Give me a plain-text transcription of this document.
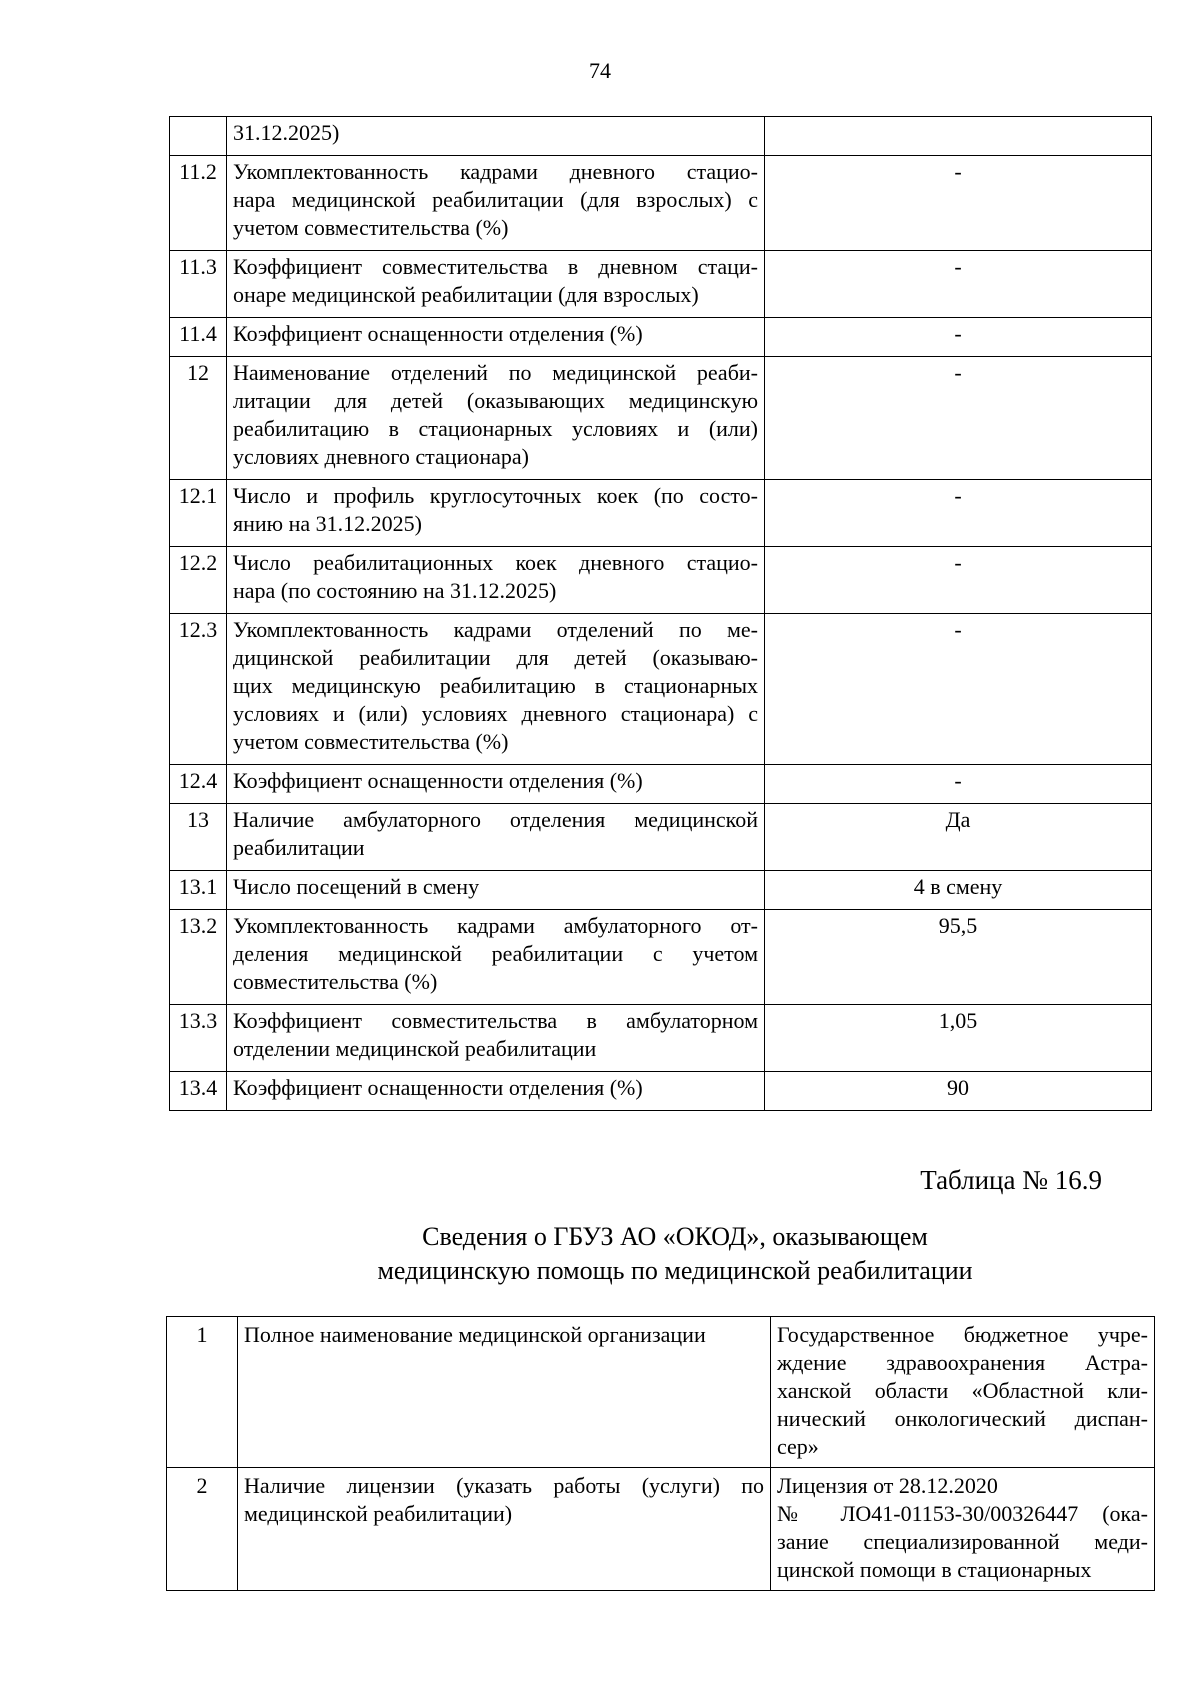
74

	31.12.2025)	

11.2	Укомплектованность кадрами дневного стацио-
нара медицинской реабилитации (для взрослых) с
учетом совместительства (%)	-
11.3	Коэффициент совместительства в дневном стаци-
онаре медицинской реабилитации (для взрослых)	-
11.4	Коэффициент оснащенности отделения (%)	-
12	Наименование отделений по медицинской реаби-
литации для детей (оказывающих медицинскую
реабилитацию в стационарных условиях и (или)
условиях дневного стационара)	-
12.1	Число и профиль круглосуточных коек (по состо-
янию на 31.12.2025)	-
12.2	Число реабилитационных коек дневного стацио-
нара (по состоянию на 31.12.2025)	-
12.3	Укомплектованность кадрами отделений по ме-
дицинской реабилитации для детей (оказываю-
щих медицинскую реабилитацию в стационарных
условиях и (или) условиях дневного стационара) с
учетом совместительства (%)	-
12.4	Коэффициент оснащенности отделения (%)	-
13	Наличие амбулаторного отделения медицинской
реабилитации	Да
13.1	Число посещений в смену	4 в смену
13.2	Укомплектованность кадрами амбулаторного от-
деления медицинской реабилитации с учетом
совместительства (%)	95,5
13.3	Коэффициент совместительства в амбулаторном
отделении медицинской реабилитации	1,05
13.4	Коэффициент оснащенности отделения (%)	90
Таблица № 16.9
Сведения о ГБУЗ АО «ОКОД», оказывающем
медицинскую помощь по медицинской реабилитации
1	Полное наименование медицинской организации	Государственное бюджетное учре-
ждение здравоохранения Астра-
ханской области «Областной кли-
нический онкологический диспан-
сер»

2	Наличие лицензии (указать работы (услуги) по
медицинской реабилитации)	Лицензия от 28.12.2020
№ ЛО41-01153-30/00326447 (ока-
зание специализированной меди-
цинской помощи в стационарных
